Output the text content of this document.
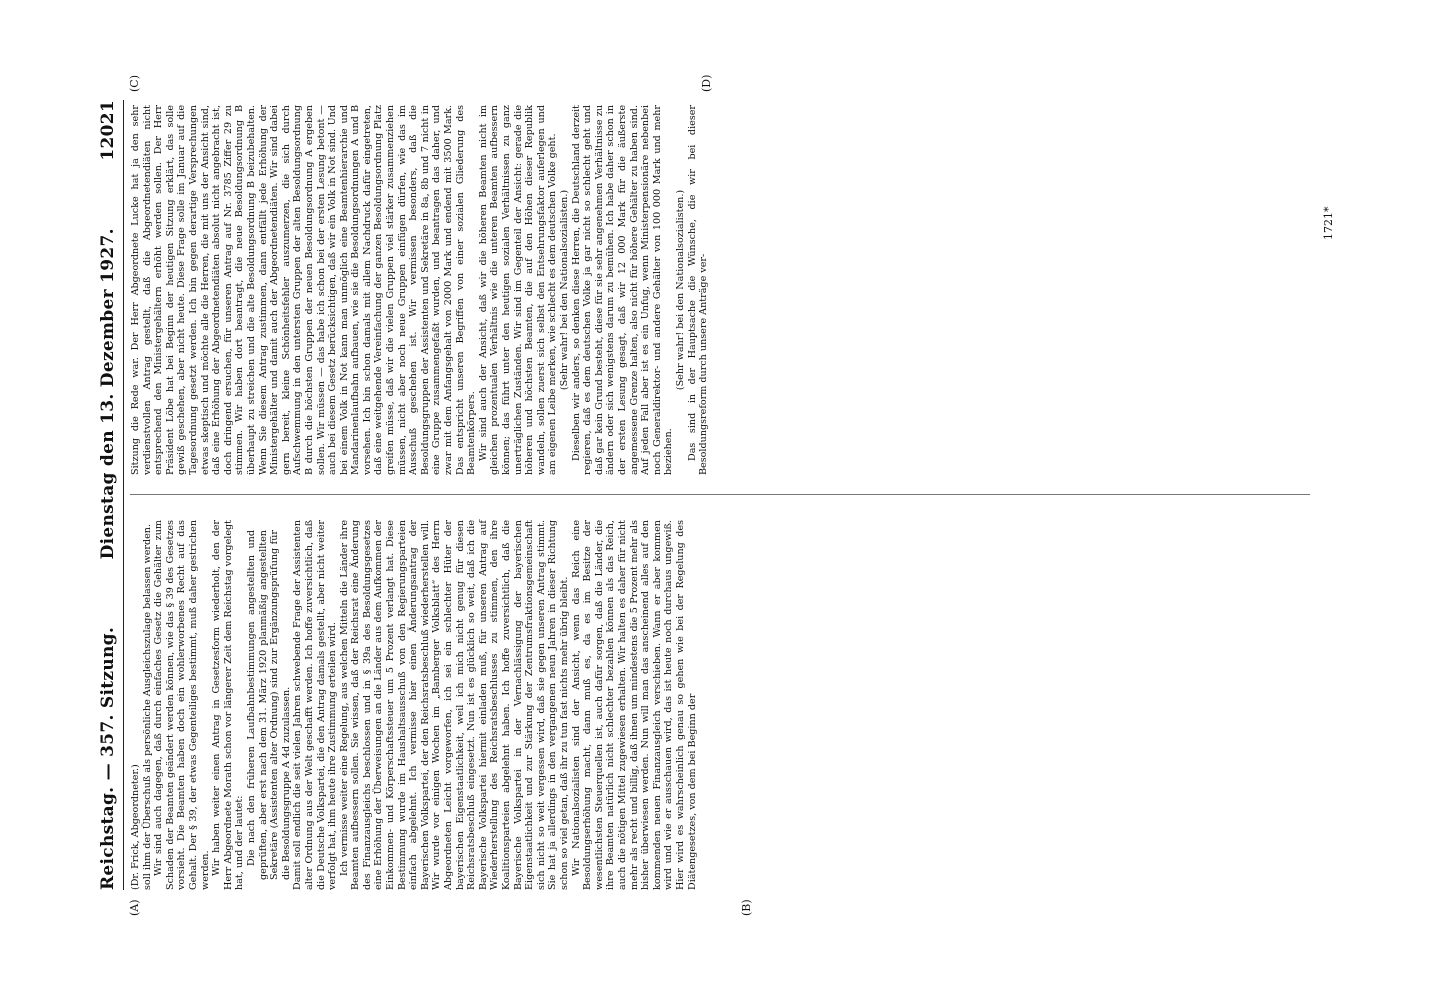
Reichstag. — 357. Sitzung.
Dienstag den 13. Dezember 1927.
12021
(A)	(B)
(C)	(D)

(Dr. Frick, Abgeordneter.) soll ihm der Überschuß als persönliche Ausgleichszulage belassen werden. Wir sind auch dagegen, daß durch einfaches Gesetz die Gehälter zum Schaden der Beamten geändert werden können, wie das § 39 des Gesetzes vorsieht. Die Beamten haben doch ein wohlerworbenes Recht auf das Gehalt. Der § 39, der etwas Gegenteiliges bestimmt, muß daher gestrichen werden. Wir haben weiter einen Antrag in Gesetzesform wiederholt, den der Herr Abgeordnete Morath schon vor längerer Zeit dem Reichstag vorgelegt hat, und der lautet: Die nach den früheren Laufbahnbestimmungen angestellten und geprüften, aber erst nach dem 31. März 1920 planmäßig angestellten Sekretäre (Assistenten alter Ordnung) sind zur Ergänzungsprüfung für die Besoldungsgruppe A 4d zuzulassen. Damit soll endlich die seit vielen Jahren schwebende Frage der Assistenten alter Ordnung aus der Welt geschafft werden. Ich hoffe zuversichtlich, daß die Deutsche Volkspartei, die den Antrag damals gestellt, aber nicht weiter verfolgt hat, ihm heute ihre Zustimmung erteilen wird. Ich vermisse weiter eine Regelung, aus welchen Mitteln die Länder ihre Beamten aufbessern sollen. Sie wissen, daß der Reichsrat eine Änderung des Finanzausgleichs beschlossen und in § 39a des Besoldungsgesetzes eine Erhöhung der Überweisungen an die Länder aus dem Aufkommen der Einkommen- und Körperschaftssteuer um 5 Prozent verlangt hat. Diese Bestimmung wurde im Haushaltsausschuß von den Regierungsparteien einfach abgelehnt. Ich vermisse hier einen Änderungsantrag der Bayerischen Volkspartei, der den Reichsratsbeschluß wiederherstellen will. Wir wurde vor einigen Wochen im „Bamberger Volksblatt“ des Herrn Abgeordneten Leicht vorgeworfen, ich sei ein schlechter Hüter der bayerischen Eigenstaatlichkeit, weil ich mich nicht genug für diesen Reichsratsbeschluß eingesetzt. Nun ist es glücklich so weit, daß ich die Bayerische Volkspartei hiermit einladen muß, für unseren Antrag auf Wiederherstellung des Reichsratsbeschlusses zu stimmen, den ihre Koalitionsparteien abgelehnt haben. Ich hoffe zuversichtlich, daß die Bayerische Volkspartei in der Vernachlässigung der bayerischen Eigenstaatlichkeit und zur Stärkung der Zentrumsfraktionsgemeinschaft sich nicht so weit vergessen wird, daß sie gegen unseren Antrag stimmt. Sie hat ja allerdings in den vergangenen neun Jahren in dieser Richtung schon so viel getan, daß ihr zu tun fast nichts mehr übrig bleibt. Wir Nationalsozialisten sind der Ansicht, wenn das Reich eine Besoldungserhöhung macht, dann muß es, da es im Besitze der wesentlichsten Steuerquellen ist, auch dafür sorgen, daß die Länder, die ihre Beamten natürlich nicht schlechter bezahlen können als das Reich, auch die nötigen Mittel zugewiesen erhalten. Wir halten es daher für nicht mehr als recht und billig, daß ihnen um mindestens die 5 Prozent mehr als bisher überwiesen werden. Nun will man das anscheinend alles auf den kommenden neuen Finanzausgleich verschieben. Wann er aber kommen wird und wie er ausschauen wird, das ist heute noch durchaus ungewiß. Hier wird es wahrscheinlich genau so gehen wie bei der Regelung des Diätengesetzes, von dem bei Beginn der

Sitzung die Rede war. Der Herr Abgeordnete Lucke hat ja den sehr verdienstvollen Antrag gestellt, daß die Abgeordnetendiäten nicht entsprechend den Ministergehältern erhöht werden sollen. Der Herr Präsident Löbe hat bei Beginn der heutigen Sitzung erklärt, das solle gewiß geschehen, aber nicht heute. Diese Frage solle im Januar auf die Tagesordnung gesetzt werden. Ich bin gegen derartige Versprechungen etwas skeptisch und möchte alle die Herren, die mit uns der Ansicht sind, daß eine Erhöhung der Abgeordnetendiäten absolut nicht angebracht ist, doch dringend ersuchen, für unseren Antrag auf Nr. 3785 Ziffer 29 zu stimmen. Wir haben dort beantragt, die neue Besoldungsordnung B überhaupt zu streichen und die alte Besoldungsordnung B beizubehalten. Wenn Sie diesem Antrag zustimmen, dann entfällt jede Erhöhung der Ministergehälter und damit auch der Abgeordnetendiäten. Wir sind dabei gern bereit, kleine Schönheitsfehler auszumerzen, die sich durch Aufschwemmung in den untersten Gruppen der alten Besoldungsordnung B durch die höchsten Gruppen der neuen Besoldungsordnung A ergeben sollen. Wir müssen — das habe ich schon bei der ersten Lesung betont — auch bei diesem Gesetz berücksichtigen, daß wir ein Volk in Not sind. Und bei einem Volk in Not kann man unmöglich eine Beamtenhierarchie und Mandarinenlaufbahn aufbauen, wie sie die Besoldungsordnungen A und B vorsehen. Ich bin schon damals mit allem Nachdruck dafür eingetreten, daß eine weitgehende Vereinfachung der ganzen Besoldungsordnung Platz greifen müsse, daß wir die vielen Gruppen viel stärker zusammenziehen müssen, nicht aber noch neue Gruppen einfügen dürfen, wie das im Ausschuß geschehen ist. Wir vermissen besonders, daß die Besoldungsgruppen der Assistenten und Sekretäre in 8a, 8b und 7 nicht in eine Gruppe zusammengefaßt wurden, und beantragen das daher, und zwar mit dem Anfangsgehalt von 2000 Mark und endend mit 3500 Mark. Das entspricht unseren Begriffen von einer sozialen Gliederung des Beamtenkörpers. Wir sind auch der Ansicht, daß wir die höheren Beamten nicht im gleichen prozentualen Verhältnis wie die unteren Beamten aufbessern können; das führt unter den heutigen sozialen Verhältnissen zu ganz unerträglichen Zuständen. Wir sind im Gegenteil der Ansicht: gerade die höheren und höchsten Beamten, die auf den Höhen dieser Republik wandeln, sollen zuerst sich selbst den Entsehrungsfaktor auferlegen und am eigenen Leibe merken, wie schlecht es dem deutschen Volke geht. (Sehr wahr! bei den Nationalsozialisten.) Dieselben wir anders, so denken diese Herren, die Deutschland derzeit regieren, daß es dem deutschen Volke ja gar nicht so schlecht geht und daß gar kein Grund besteht, diese für sie sehr angenehmen Verhältnisse zu ändern oder sich wenigstens darum zu bemühen. Ich habe daher schon in der ersten Lesung gesagt, daß wir 12 000 Mark für die äußerste angemessene Grenze halten, also nicht für höhere Gehälter zu haben sind. Auf jeden Fall aber ist es ein Unfug, wenn Ministerpensionäre nebenbei noch Generaldirektor- und andere Gehälter von 100 000 Mark und mehr beziehen.

(Sehr wahr! bei den Nationalsozialisten.) Das sind in der Hauptsache die Wünsche, die wir bei dieser Besoldungsreform durch unsere Anträge ver-

1721*
